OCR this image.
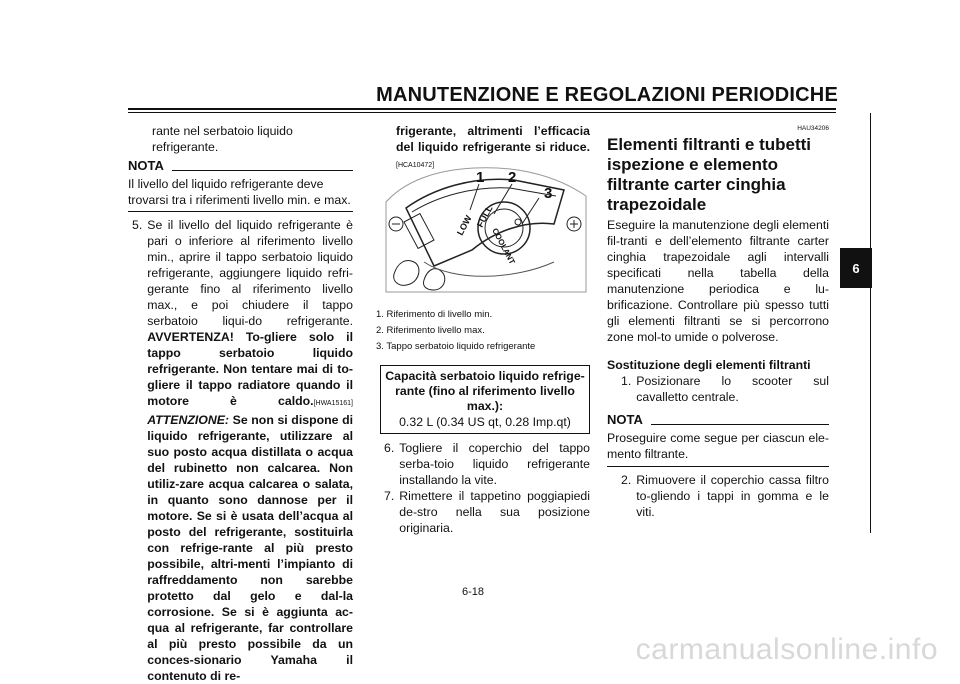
MANUTENZIONE E REGOLAZIONI PERIODICHE
6

rante nel serbatoio liquido refrigerante.

NOTA

Il livello del liquido refrigerante deve trovarsi tra i riferimenti livello min. e max.

5. Se il livello del liquido refrigerante è pari o inferiore al riferimento livello min., aprire il tappo serbatoio liquido refrigerante, aggiungere liquido refri-gerante fino al riferimento livello max., e poi chiudere il tappo serbatoio liqui-do refrigerante. AVVERTENZA! To-gliere solo il tappo serbatoio liquido refrigerante. Non tentare mai di to-gliere il tappo radiatore quando il motore è caldo.[HWA15161] ATTENZIONE: Se non si dispone di liquido refrigerante, utilizzare al suo posto acqua distillata o acqua del rubinetto non calcarea. Non utiliz-zare acqua calcarea o salata, in quanto sono dannose per il motore. Se si è usata dell’acqua al posto del refrigerante, sostituirla con refrige-rante al più presto possibile, altri-menti l’impianto di raffreddamento non sarebbe protetto dal gelo e dal-la corrosione. Se si è aggiunta ac-qua al refrigerante, far controllare al più presto possibile da un conces-sionario Yamaha il contenuto di re-

frigerante, altrimenti l’efficacia del liquido refrigerante si riduce.[HCA10472]

1 2
3
LOW FULL
COOLANT
1. Riferimento di livello min.
2. Riferimento livello max.
3. Tappo serbatoio liquido refrigerante
Capacità serbatoio liquido refrige-rante (fino al riferimento livello max.):
0.32 L (0.34 US qt, 0.28 Imp.qt)
6. Togliere il coperchio del tappo serba-toio liquido refrigerante installando la vite.
7. Rimettere il tappetino poggiapiedi de-stro nella sua posizione originaria.
HAU34206
Elementi filtranti e tubetti ispezione e elemento filtrante carter cinghia trapezoidale

Eseguire la manutenzione degli elementi fil-tranti e dell’elemento filtrante carter cinghia trapezoidale agli intervalli specificati nella tabella della manutenzione periodica e lu-brificazione. Controllare più spesso tutti gli elementi filtranti se si percorrono zone mol-to umide o polverose.

Sostituzione degli elementi filtranti

1. Posizionare lo scooter sul cavalletto centrale.
NOTA

Proseguire come segue per ciascun ele-mento filtrante.

2. Rimuovere il coperchio cassa filtro to-gliendo i tappi in gomma e le viti.
6-18
carmanualsonline.info
